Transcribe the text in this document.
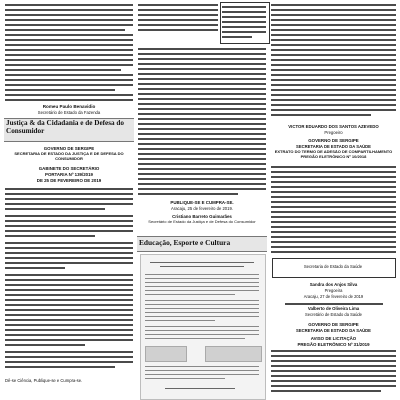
Romeu Paulo Benavidio
Secretário de Estado da Fazenda
Justiça & da Cidadania e de Defesa do Consumidor
GOVERNO DE SERGIPE
SECRETARIA DE ESTADO DA JUSTIÇA E DE DEFESA DO CONSUMIDOR
GABINETE DO SECRETÁRIO
PORTARIA Nº 139/2019
DE 25 DE FEVEREIRO DE 2019
Dê-se Ciência, Publique-se e Cumpra-se.
PUBLIQUE-SE E CUMPRA-SE.
Aracaju, 25 de fevereiro de 2019.
Cristiano Barreto Guimarães
Secretário de Estado da Justiça e de Defesa do Consumidor
Educação, Esporte e Cultura
VICTOR EDUARDO DOS SANTOS AZEVEDO
Pregoeiro
GOVERNO DE SERGIPE
SECRETARIA DE ESTADO DA SAÚDE
EXTRATO DO TERMO DE ADESÃO DE COMPARTILHAMENTO PREGÃO ELETRÔNICO Nº 10/2018
Secretaria de Estado da Saúde
Sandra dos Anjos Silva
Pregoeira
Aracaju, 27 de fevereiro de 2019
Valberto de Oliveira Lima
Secretário de Estado da Saúde
GOVERNO DE SERGIPE
SECRETARIA DE ESTADO DA SAÚDE
AVISO DE LICITAÇÃO
PREGÃO ELETRÔNICO Nº 31/2019
